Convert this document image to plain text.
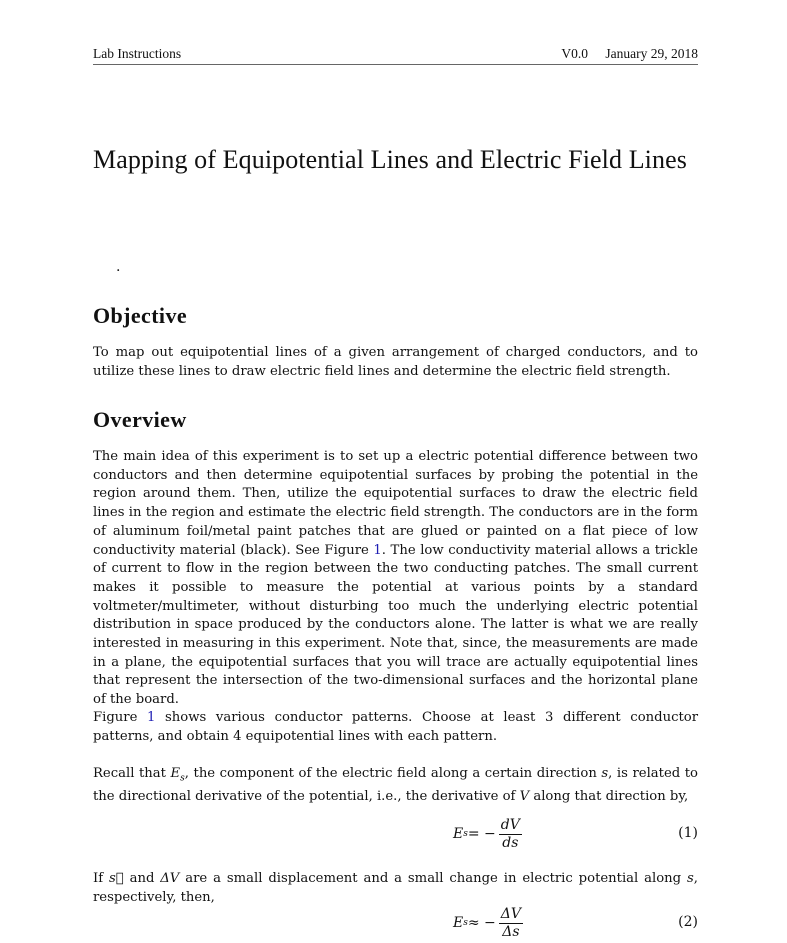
Lab Instructions	V0.0 January 29, 2018
Mapping of Equipotential Lines and Electric Field Lines
.
Objective

To map out equipotential lines of a given arrangement of charged conductors, and to utilize these lines to draw electric field lines and determine the electric field strength.

Overview

The main idea of this experiment is to set up a electric potential difference between two conductors and then determine equipotential surfaces by probing the potential in the region around them. Then, utilize the equipotential surfaces to draw the electric field lines in the region and estimate the electric field strength. The conductors are in the form of aluminum foil/metal paint patches that are glued or painted on a flat piece of low conductivity material (black). See Figure 1. The low conductivity material allows a trickle of current to flow in the region between the two conducting patches. The small current makes it possible to measure the potential at various points by a standard voltmeter/multimeter, without disturbing too much the underlying electric potential distribution in space produced by the conductors alone. The latter is what we are really interested in measuring in this experiment. Note that, since, the measurements are made in a plane, the equipotential surfaces that you will trace are actually equipotential lines that represent the intersection of the two-dimensional surfaces and the horizontal plane of the board.

Figure 1 shows various conductor patterns. Choose at least 3 different conductor patterns, and obtain 4 equipotential lines with each pattern.

Recall that $E_s$, the component of the electric field along a certain direction s, is related to the directional derivative of the potential, i.e., the derivative of V along that direction by,

E s = − $\frac{dV}{ds}$	(1)

If s⃗ and ΔV are a small displacement and a small change in electric potential along s, respectively, then,

E s ≈ − $\frac{\Delta V}{\Delta s}$	(2)
